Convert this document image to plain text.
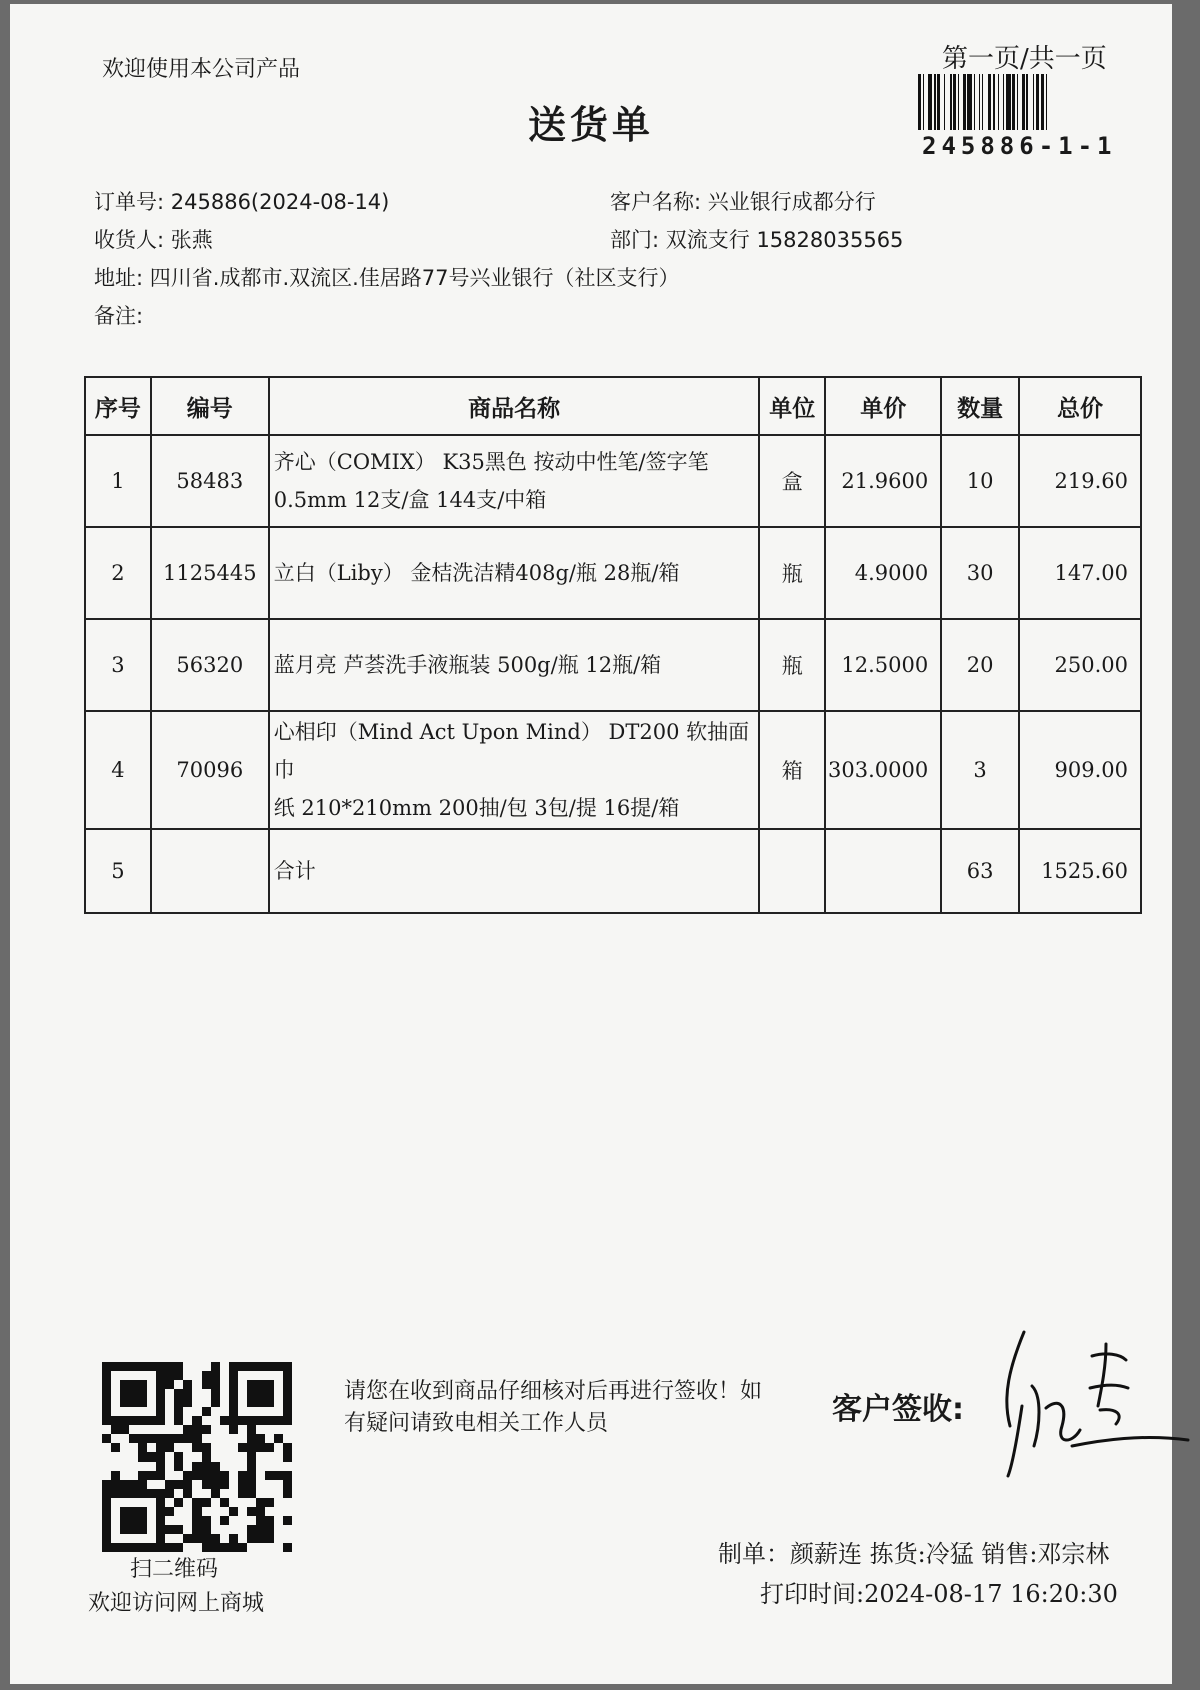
欢迎使用本公司产品	第一页/共一页
245886-1-1
送货单
订单号: 245886(2024-08-14)	客户名称: 兴业银行成都分行
收货人: 张燕	部门: 双流支行 15828035565
地址: 四川省.成都市.双流区.佳居路77号兴业银行（社区支行）
备注:
序号	编号	商品名称	单位	单价	数量	总价
1	58483	齐心（COMIX） K35黑色 按动中性笔/签字笔
0.5mm 12支/盒 144支/中箱	盒	21.9600	10	219.60
2	1125445	立白（Liby） 金桔洗洁精408g/瓶 28瓶/箱	瓶	4.9000	30	147.00
3	56320	蓝月亮 芦荟洗手液瓶装 500g/瓶 12瓶/箱	瓶	12.5000	20	250.00
4	70096	心相印（Mind Act Upon Mind） DT200 软抽面巾
纸 210*210mm 200抽/包 3包/提 16提/箱	箱	303.0000	3	909.00
5		合计			63	1525.60
扫二维码
欢迎访问网上商城
请您在收到商品仔细核对后再进行签收！如有疑问请致电相关工作人员	客户签收:
制单：颜薪连 拣货:冷猛 销售:邓宗林
打印时间:2024-08-17 16:20:30
